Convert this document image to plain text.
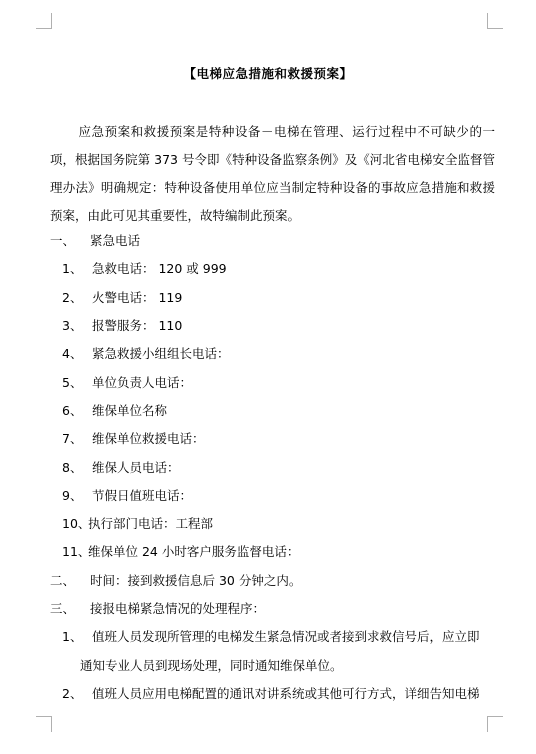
【电梯应急措施和救援预案】
应急预案和救援预案是特种设备－电梯在管理、运行过程中不可缺少的一项，根据国务院第 373 号令即《特种设备监察条例》及《河北省电梯安全监督管理办法》明确规定：特种设备使用单位应当制定特种设备的事故应急措施和救援预案，由此可见其重要性，故特编制此预案。
一、 紧急电话
1、 急救电话： 120 或 999
2、 火警电话： 119
3、 报警服务： 110
4、 紧急救援小组组长电话：
5、 单位负责人电话：
6、 维保单位名称
7、 维保单位救援电话：
8、 维保人员电话：
9、 节假日值班电话：
10、执行部门电话：工程部
11、维保单位 24 小时客户服务监督电话：
二、 时间：接到救援信息后 30 分钟之内。
三、 接报电梯紧急情况的处理程序：
1、 值班人员发现所管理的电梯发生紧急情况或者接到求救信号后，应立即
通知专业人员到现场处理，同时通知维保单位。
2、 值班人员应用电梯配置的通讯对讲系统或其他可行方式，详细告知电梯
